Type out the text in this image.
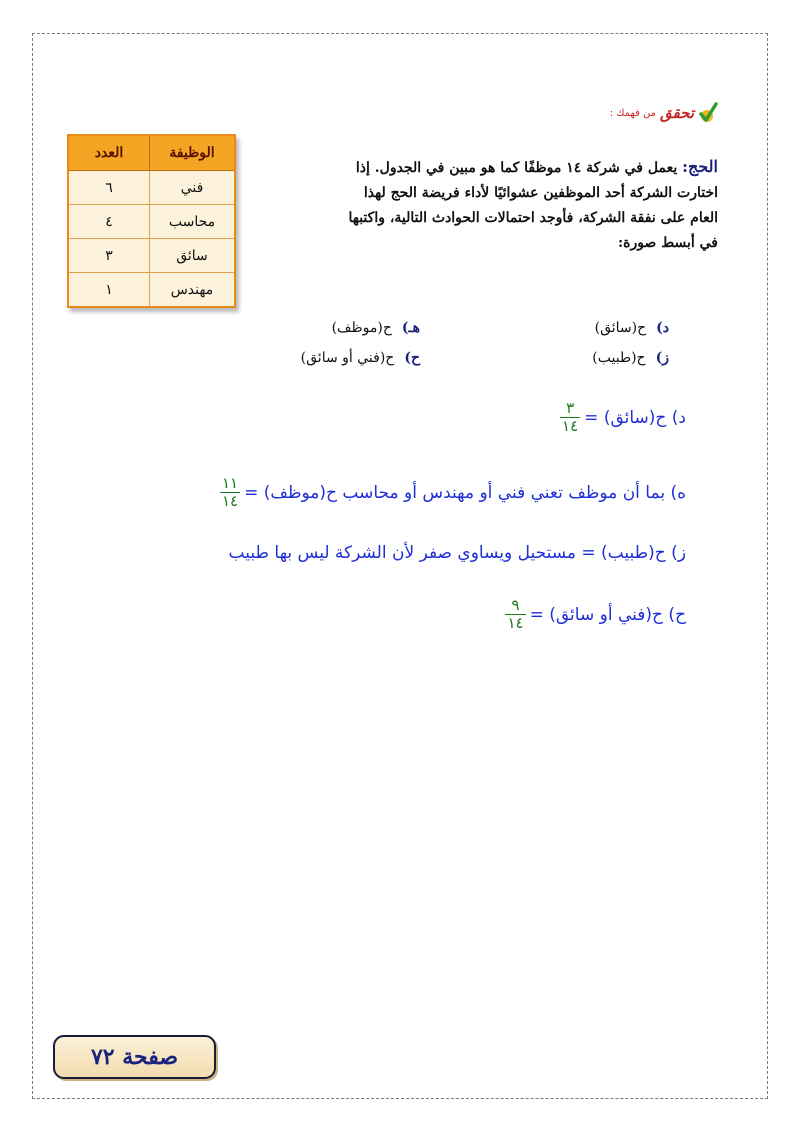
تحقق
من فهمك :
الوظيفة	العدد
فني	٦
محاسب	٤
سائق	٣
مهندس	١

الحج: يعمل في شركة ١٤ موظفًا كما هو مبين في الجدول. إذا اختارت الشركة أحد الموظفين عشوائيًا لأداء فريضة الحج لهذا العام على نفقة الشركة، فأوجد احتمالات الحوادث التالية، واكتبها في أبسط صورة:

د)ح(سائق)
هـ)ح(موظف)
ز)ح(طبيب)
ح)ح(فني أو سائق)
د) ح(سائق) =
$\frac{٣}{١٤}$
ه) بما أن موظف تعني فني أو مهندس أو محاسب ح(موظف) =
$\frac{١١}{١٤}$
ز) ح(طبيب) = مستحيل ويساوي صفر لأن الشركة ليس بها طبيب
ح) ح(فني أو سائق) =
$\frac{٩}{١٤}$
صفحة ٧٢
